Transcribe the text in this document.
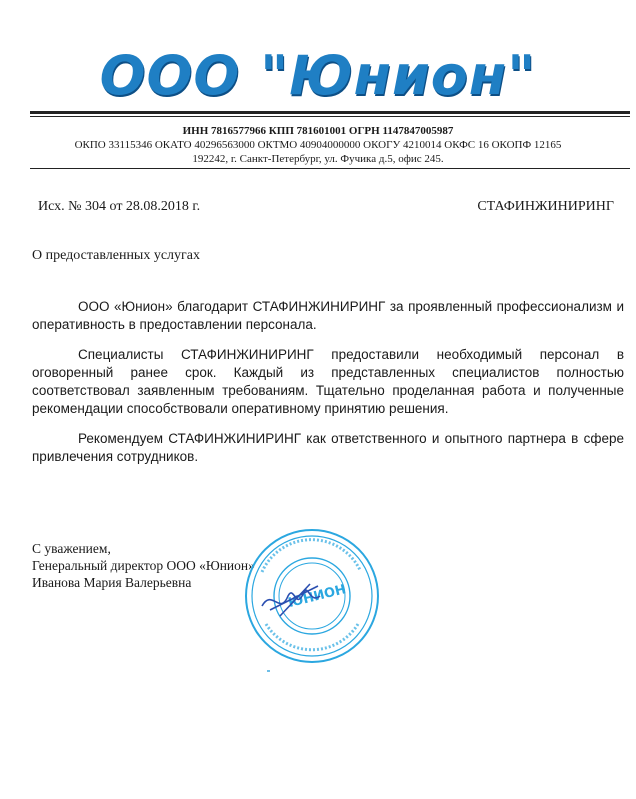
ООО "Юнион"
ИНН 7816577966 КПП 781601001 ОГРН 1147847005987
ОКПО 33115346 ОКАТО 40296563000 ОКТМО 40904000000 ОКОГУ 4210014 ОКФС 16 ОКОПФ 12165
192242, г. Санкт-Петербург, ул. Фучика д.5, офис 245.
Исх. № 304 от 28.08.2018 г.	СТАФИНЖИНИРИНГ
О предоставленных услугах

ООО «Юнион» благодарит СТАФИНЖИНИРИНГ за проявленный профессионализм и оперативность в предоставлении персонала.

Специалисты СТАФИНЖИНИРИНГ предоставили необходимый персонал в оговоренный ранее срок. Каждый из представленных специалистов полностью соответствовал заявленным требованиям. Тщательно проделанная работа и полученные рекомендации способствовали оперативному принятию решения.

Рекомендуем СТАФИНЖИНИРИНГ как ответственного и опытного партнера в сфере привлечения сотрудников.

С уважением,
Генеральный директор ООО «Юнион»
Иванова Мария Валерьевна	ЮНИОН
